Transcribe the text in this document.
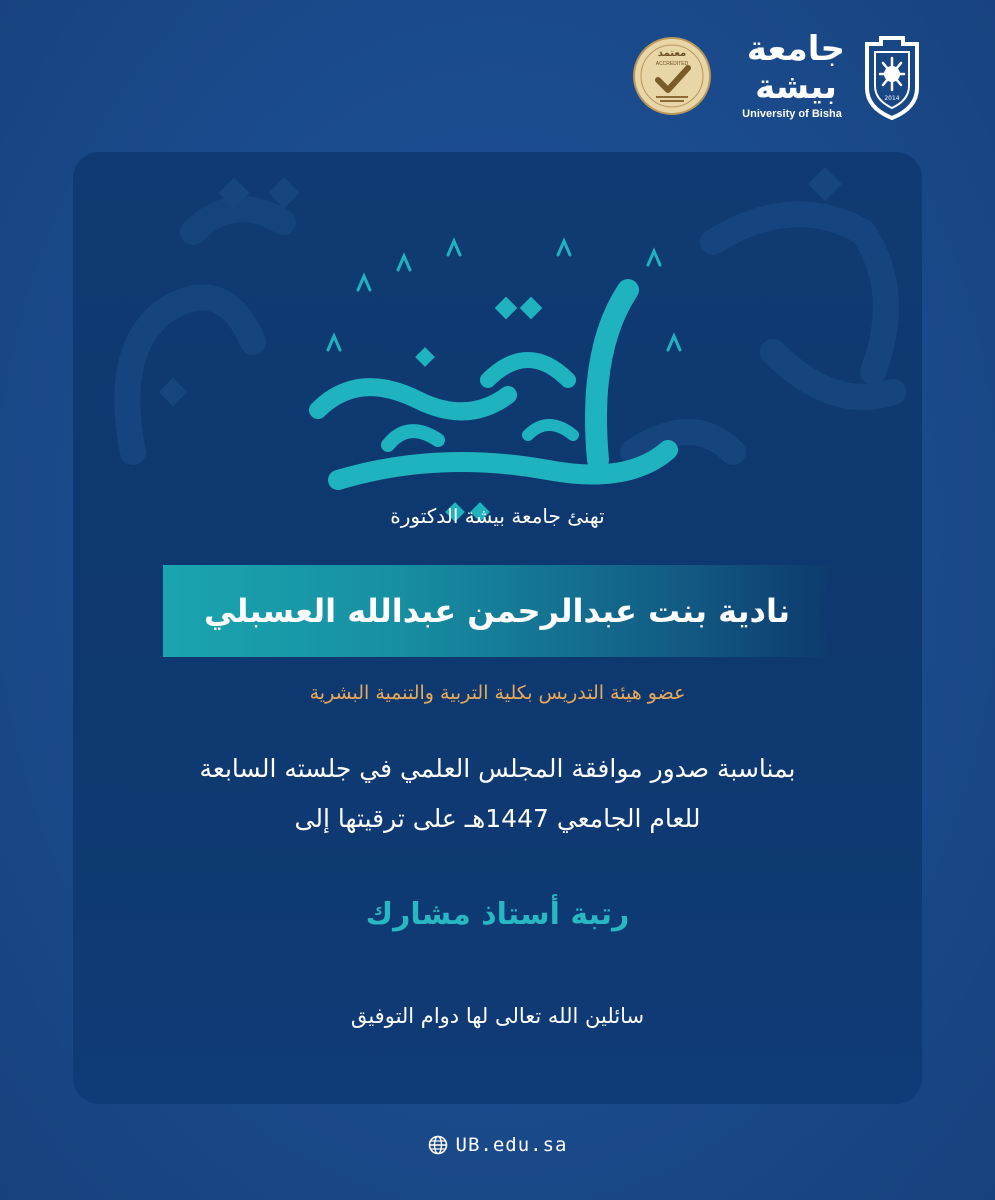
جامعة بيشة
University of Bisha
2014
معتمد
ACCREDITED
تهنئ جامعة بيشة الدكتورة
نادية بنت عبدالرحمن عبدالله العسبلي
عضو هيئة التدريس بكلية التربية والتنمية البشرية
بمناسبة صدور موافقة المجلس العلمي في جلسته السابعة للعام الجامعي 1447هـ على ترقيتها إلى
رتبة أستاذ مشارك
سائلين الله تعالى لها دوام التوفيق
UB.edu.sa
